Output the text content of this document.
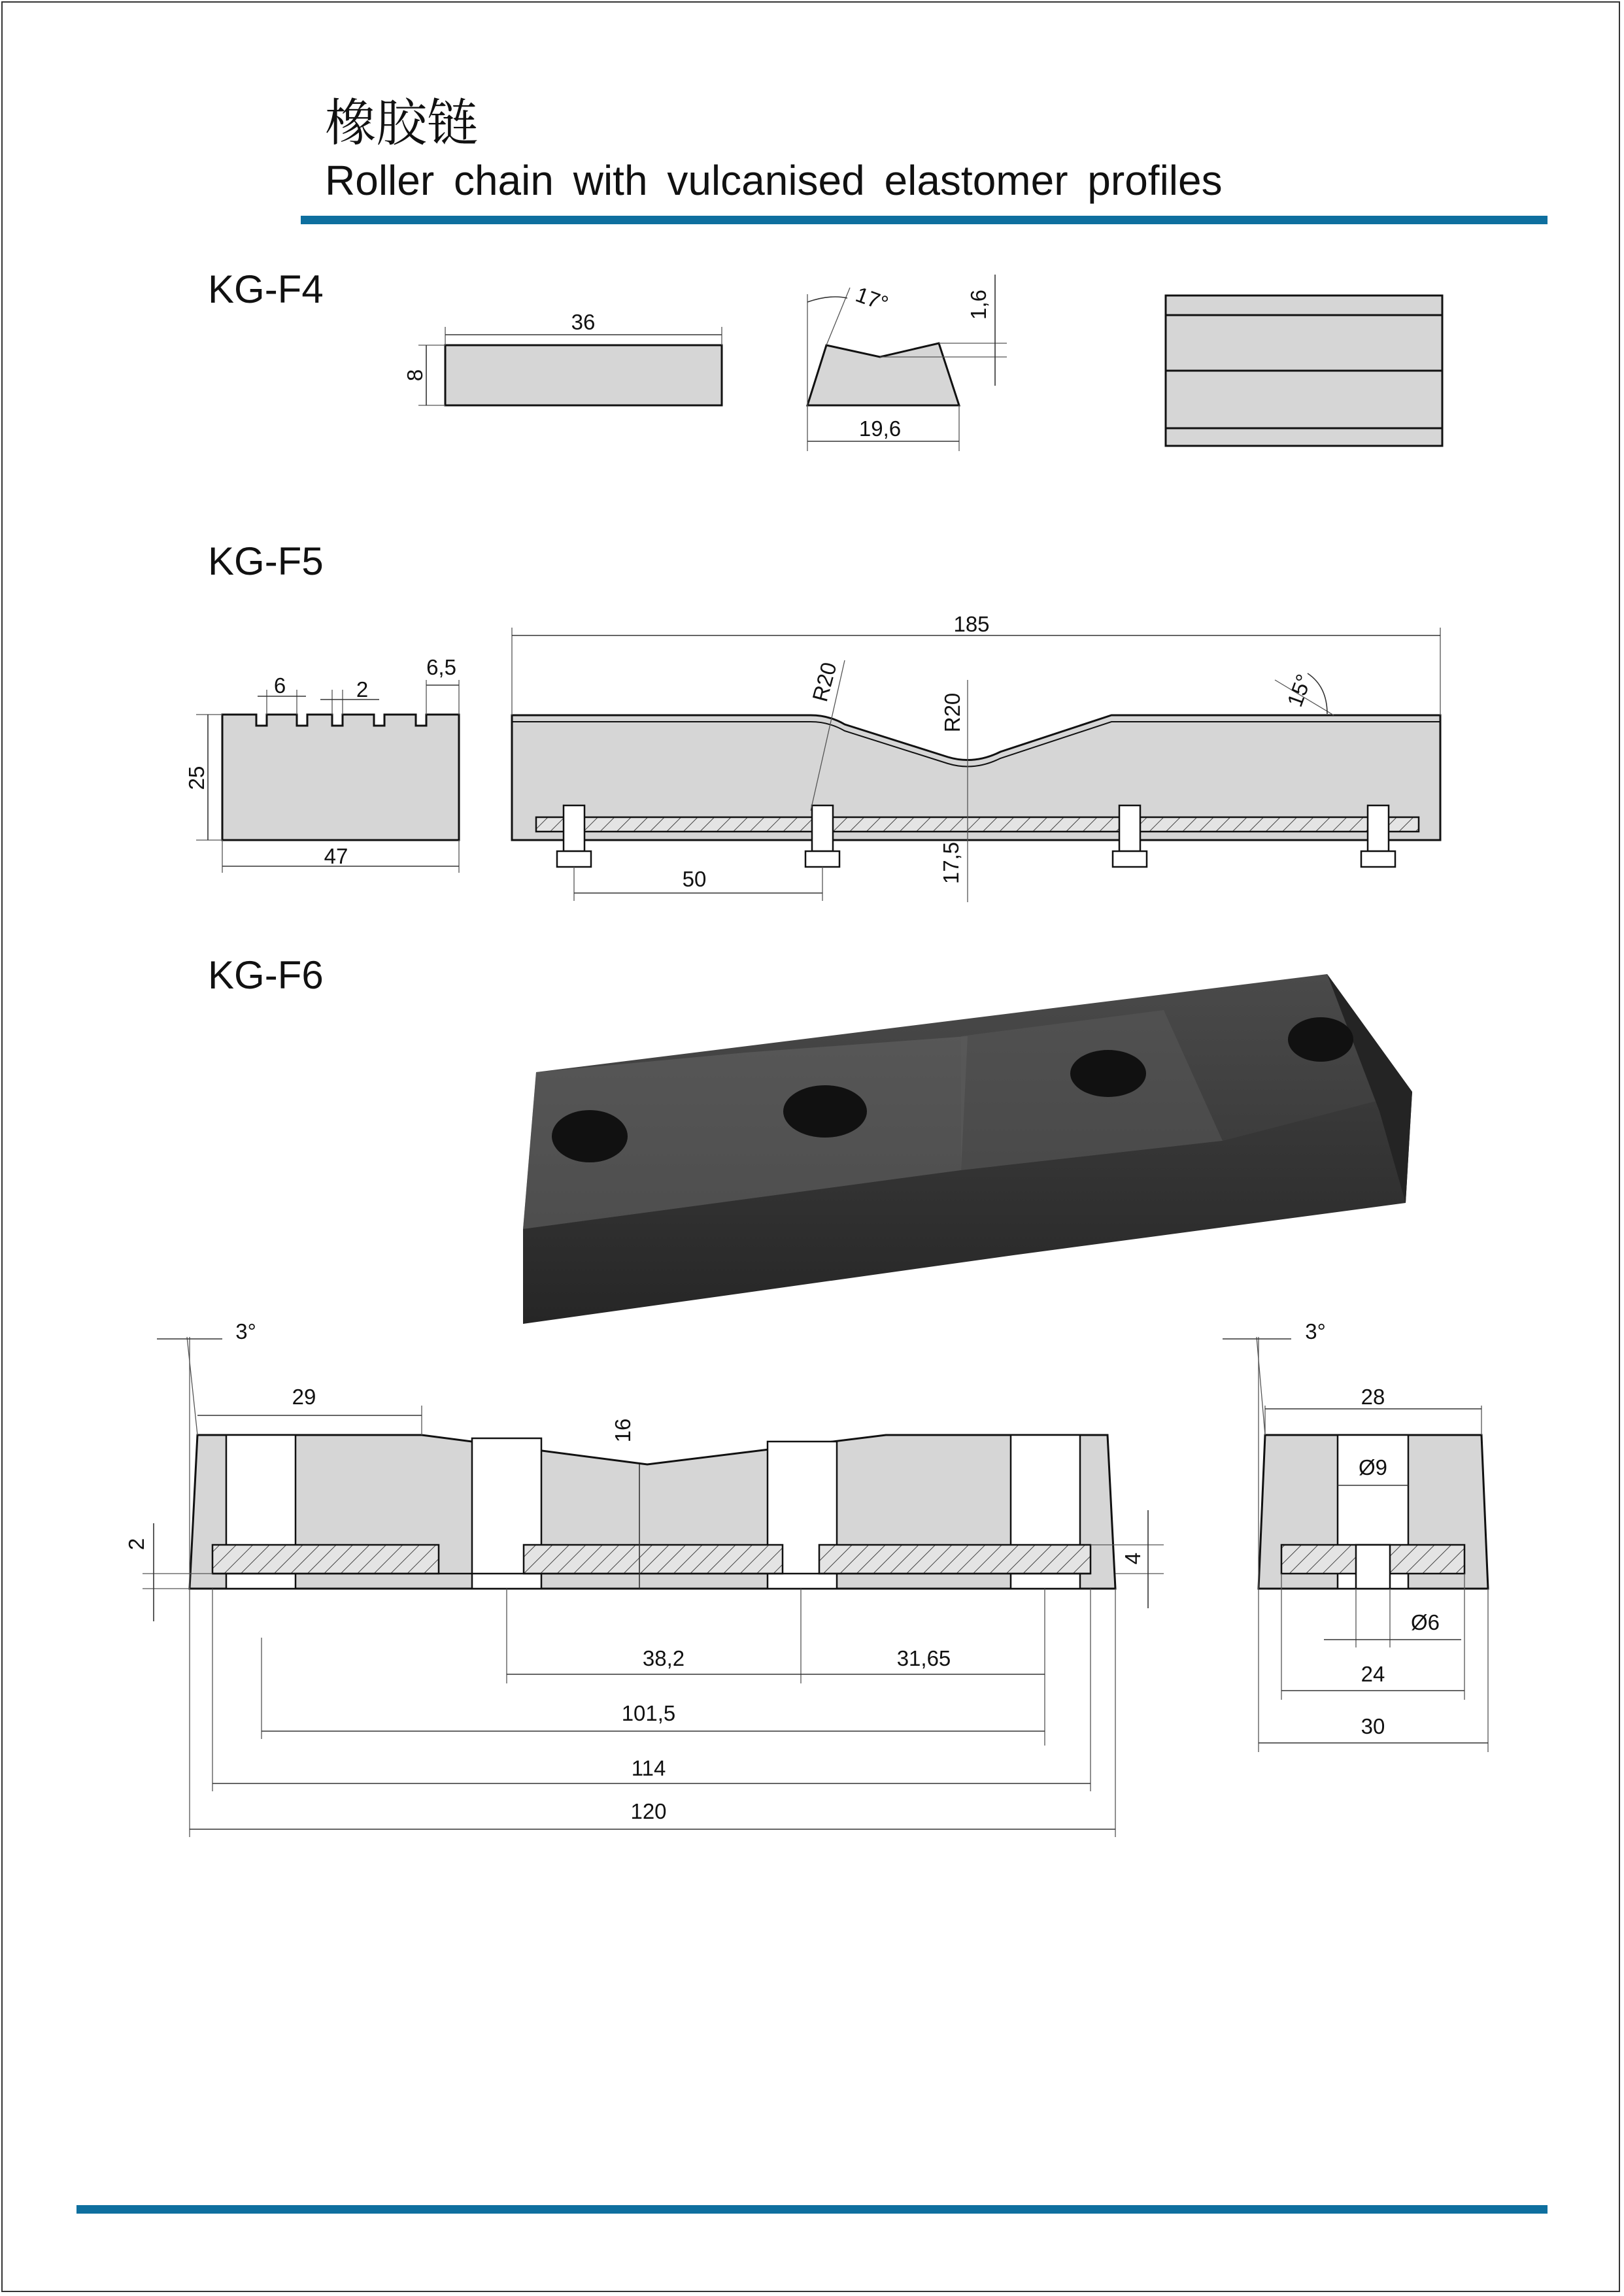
橡胶链
Roller chain with vulcanised elastomer profiles
KG-F4
KG-F5
KG-F6
36
8
19,6
17°	1,6
6	2
6,5
25
47
185
R20
R20
15°
50	17,5
3°
29
16
2
4
38,2	31,65
101,5
114
120
3°
28
Ø9
Ø6
24
30
